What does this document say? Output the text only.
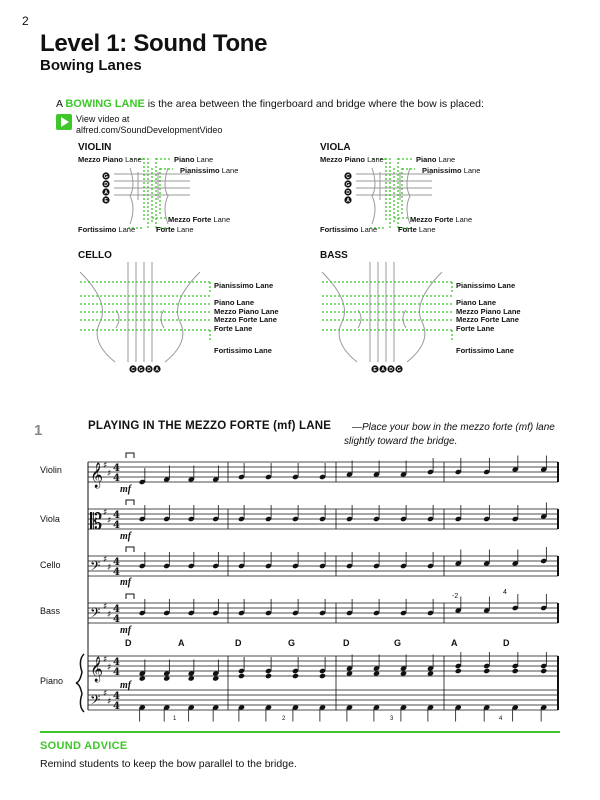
2
Level 1: Sound Tone
Bowing Lanes
A BOWING LANE is the area between the fingerboard and bridge where the bow is placed:
View video at
alfred.com/SoundDevelopmentVideo
VIOLIN
G
D
A
E
Mezzo Piano Lane	Piano Lane
Pianissimo Lane
Mezzo Forte Lane
Fortissimo Lane	Forte Lane
VIOLA
C
G
D
A
Mezzo Piano Lane	Piano Lane
Pianissimo Lane
Mezzo Forte Lane
Fortissimo Lane	Forte Lane
CELLO
C G D A
Pianissimo Lane
Piano Lane
Mezzo Piano Lane
Mezzo Forte Lane
Forte Lane
Fortissimo Lane
BASS
E A D G
Pianissimo Lane
Piano Lane
Mezzo Piano Lane
Mezzo Forte Lane
Forte Lane
Fortissimo Lane
1	PLAYING IN THE MEZZO FORTE (mf) LANE —Place your bow in the mezzo forte (mf) lane
slightly toward the bridge.
Violin
Viola
Cello
Bass
Piano
𝄞
𝄡
𝄢
𝄢
𝄞
𝄢
♯
♯ 4
4
♯
♯ 4
4
♯
♯ 4
4
♯
♯ 4
4
♯
♯ 4
4
♯
♯ 4
4
mf
mf
mf
mf
mf
D	A	D	G	D	G	A	D
1	2	3	4
-2
4
SOUND ADVICE
Remind students to keep the bow parallel to the bridge.
